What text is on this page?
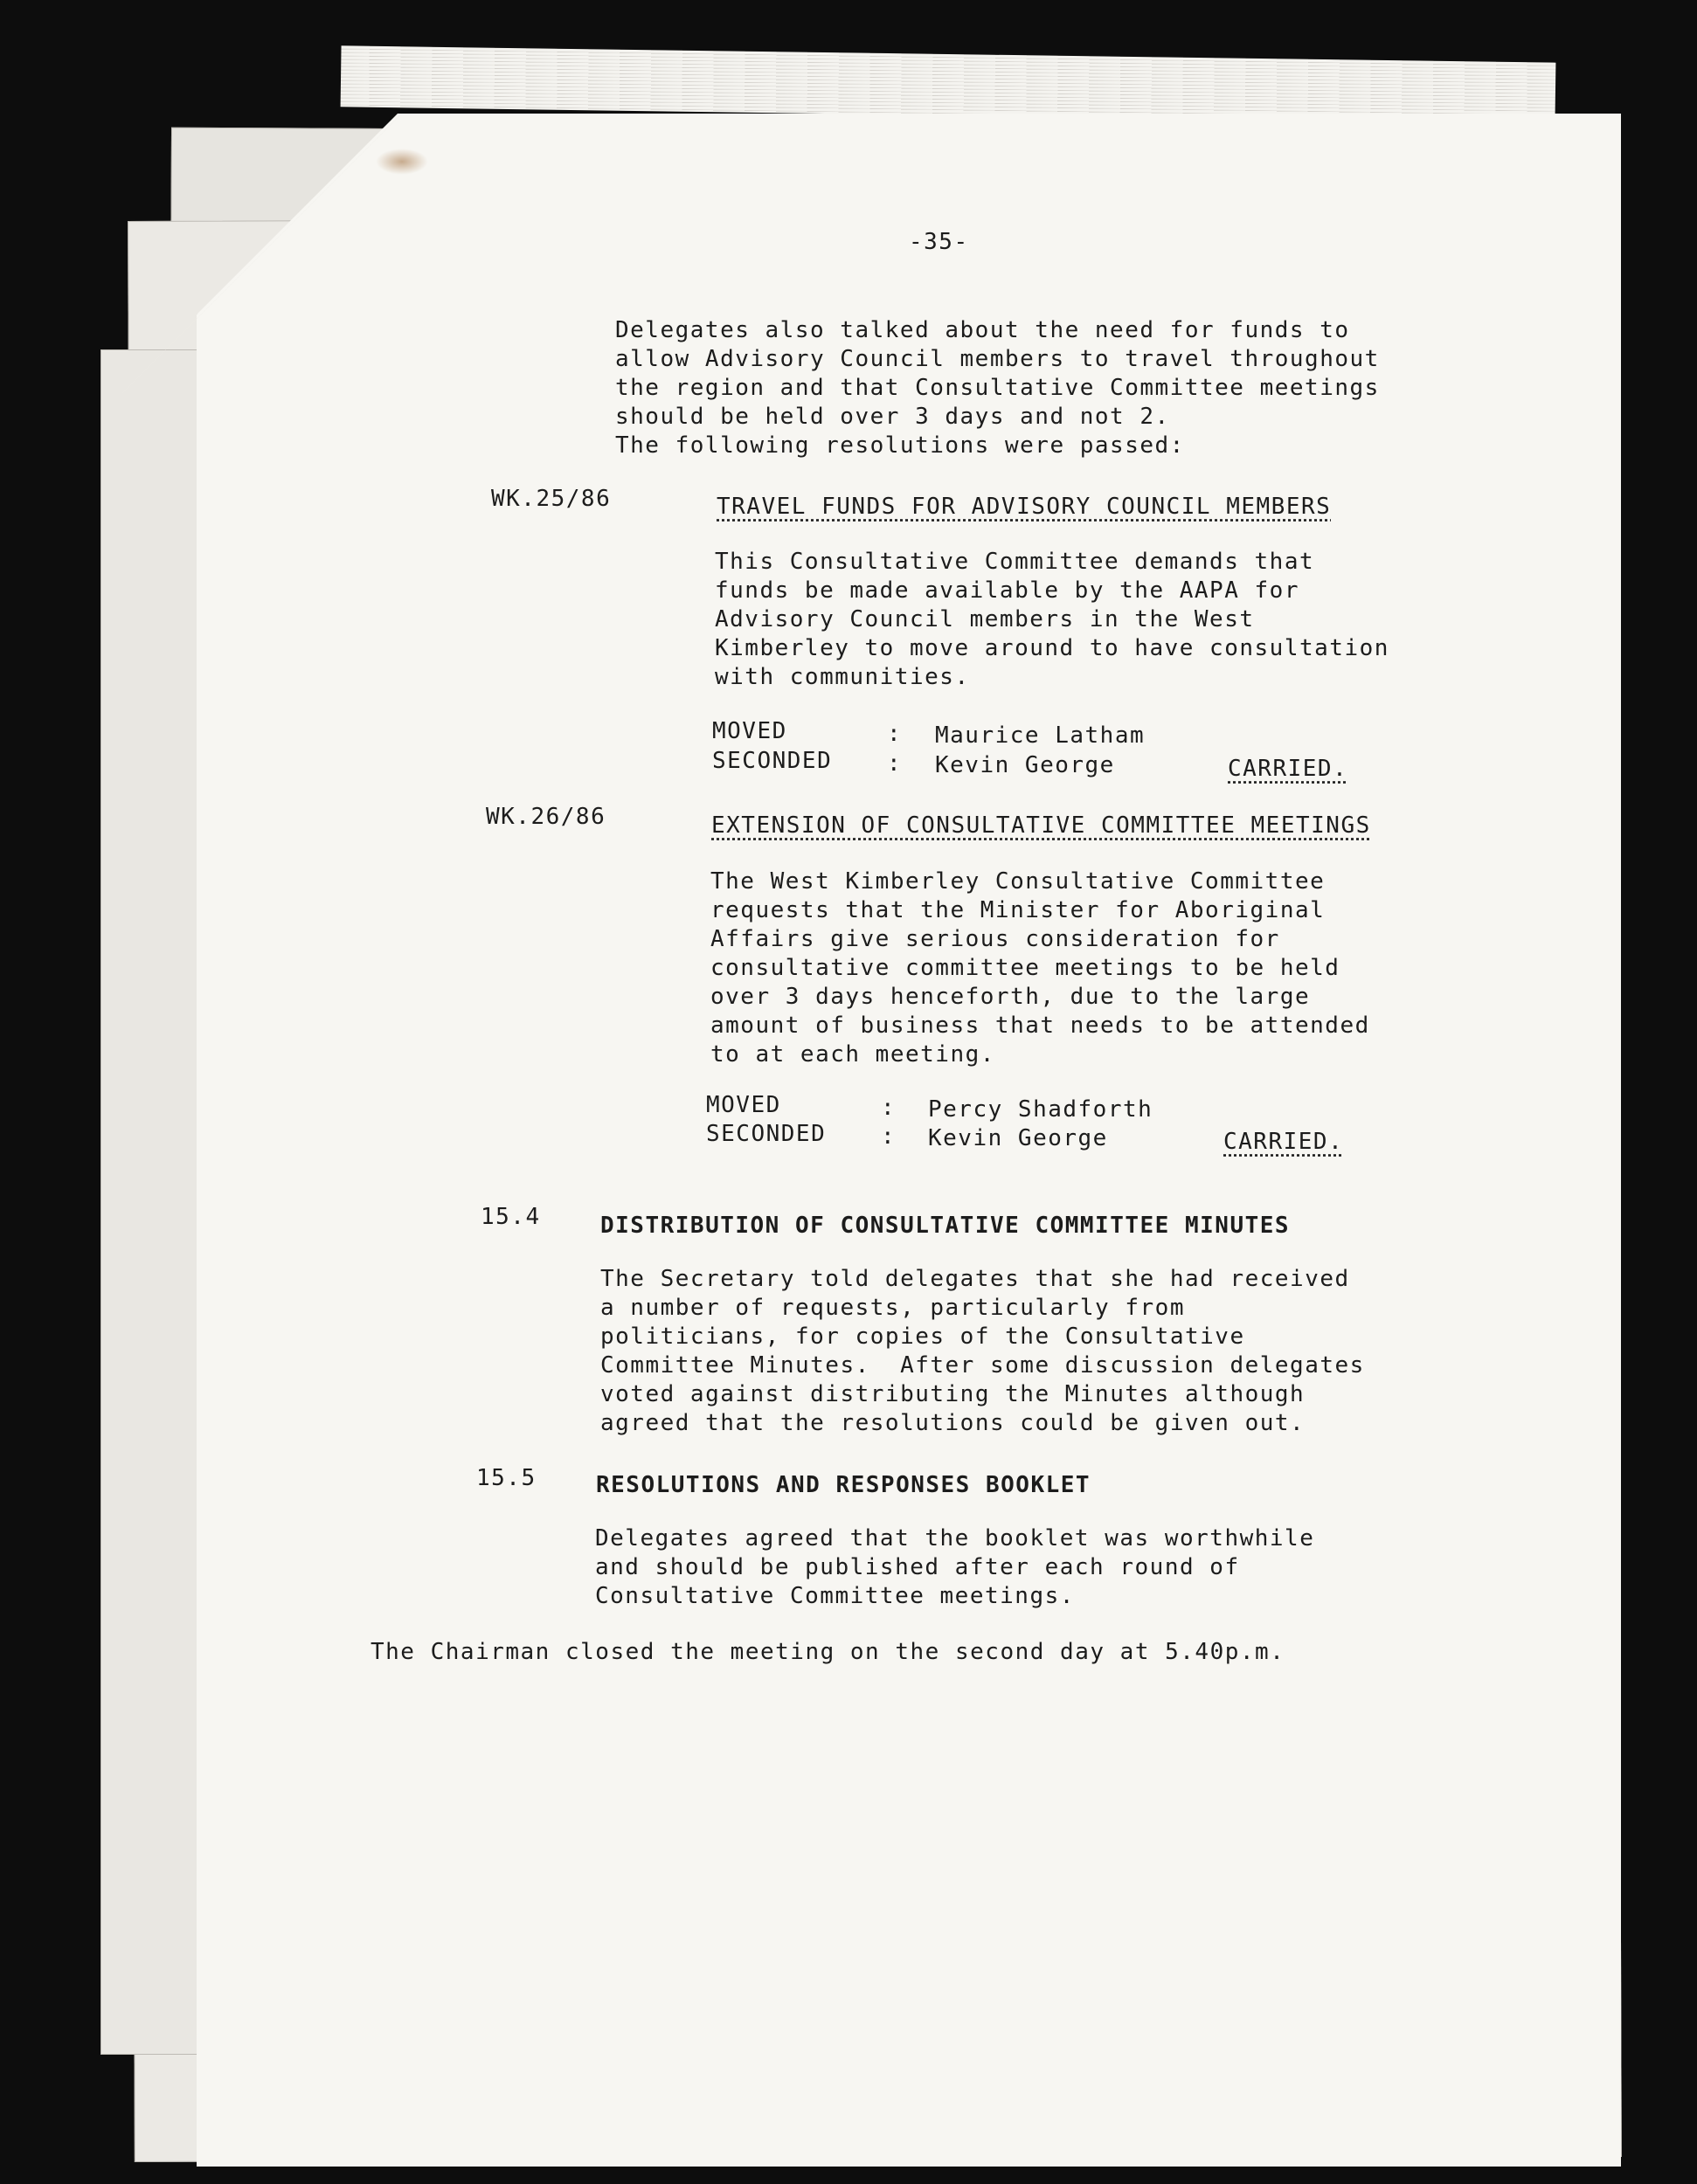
-35-
Delegates also talked about the need for funds to
allow Advisory Council members to travel throughout
the region and that Consultative Committee meetings
should be held over 3 days and not 2.
The following resolutions were passed:
WK.25/86	TRAVEL FUNDS FOR ADVISORY COUNCIL MEMBERS
This Consultative Committee demands that
funds be made available by the AAPA for
Advisory Council members in the West
Kimberley to move around to have consultation
with communities.
MOVED	: Maurice Latham
SECONDED : Kevin George	CARRIED.
WK.26/86	EXTENSION OF CONSULTATIVE COMMITTEE MEETINGS
The West Kimberley Consultative Committee
requests that the Minister for Aboriginal
Affairs give serious consideration for
consultative committee meetings to be held
over 3 days henceforth, due to the large
amount of business that needs to be attended
to at each meeting.
MOVED	: Percy Shadforth
SECONDED : Kevin George	CARRIED.
15.4	DISTRIBUTION OF CONSULTATIVE COMMITTEE MINUTES
The Secretary told delegates that she had received
a number of requests, particularly from
politicians, for copies of the Consultative
Committee Minutes.  After some discussion delegates
voted against distributing the Minutes although
agreed that the resolutions could be given out.
15.5	RESOLUTIONS AND RESPONSES BOOKLET
Delegates agreed that the booklet was worthwhile
and should be published after each round of
Consultative Committee meetings.
The Chairman closed the meeting on the second day at 5.40p.m.
